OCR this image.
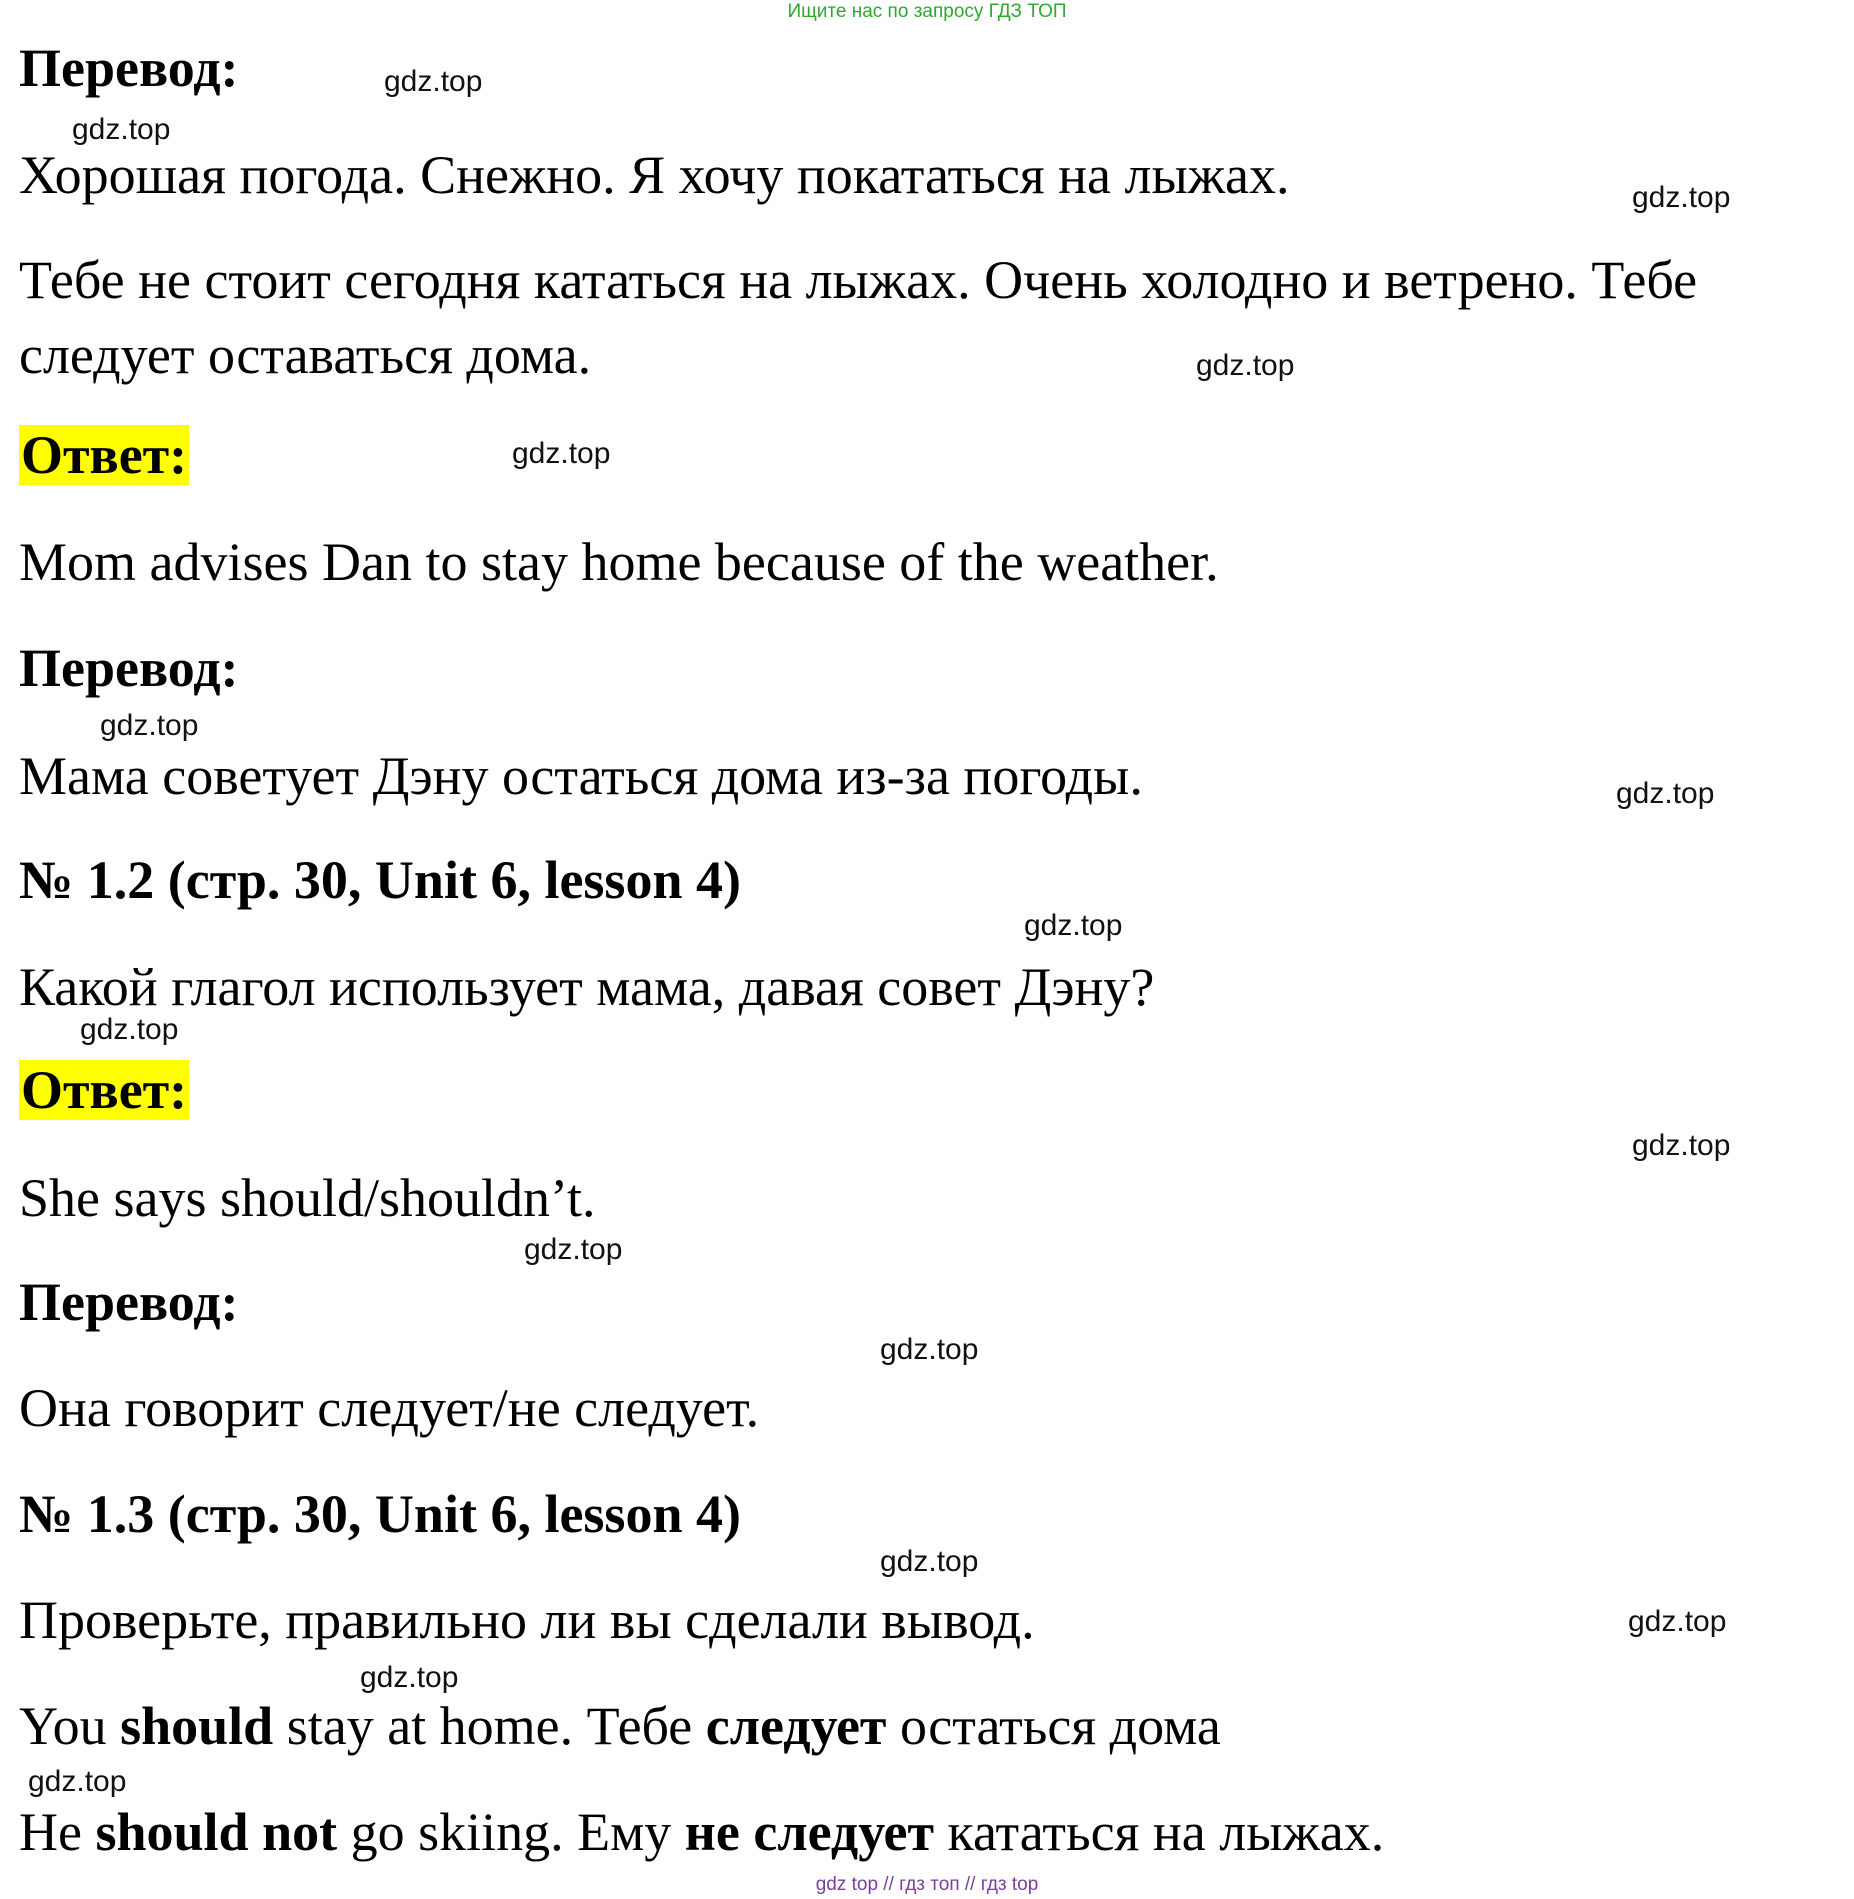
Ищите нас по запросу ГДЗ ТОП
Перевод:
Хорошая погода. Снежно. Я хочу покататься на лыжах.
Тебе не стоит сегодня кататься на лыжах. Очень холодно и ветрено. Тебе
следует оставаться дома.
Ответ:
Mom advises Dan to stay home because of the weather.
Перевод:
Мама советует Дэну остаться дома из-за погоды.
№ 1.2 (стр. 30, Unit 6, lesson 4)
Какой глагол использует мама, давая совет Дэну?
Ответ:
She says should/shouldn’t.
Перевод:
Она говорит следует/не следует.
№ 1.3 (стр. 30, Unit 6, lesson 4)
Проверьте, правильно ли вы сделали вывод.
You should stay at home. Тебе следует остаться дома
He should not go skiing. Ему не следует кататься на лыжах.
gdz.top
gdz.top
gdz.top
gdz.top
gdz.top
gdz.top
gdz.top
gdz.top
gdz.top
gdz.top
gdz.top
gdz.top
gdz.top
gdz.top
gdz.top
gdz.top
gdz top // гдз топ // гдз top
